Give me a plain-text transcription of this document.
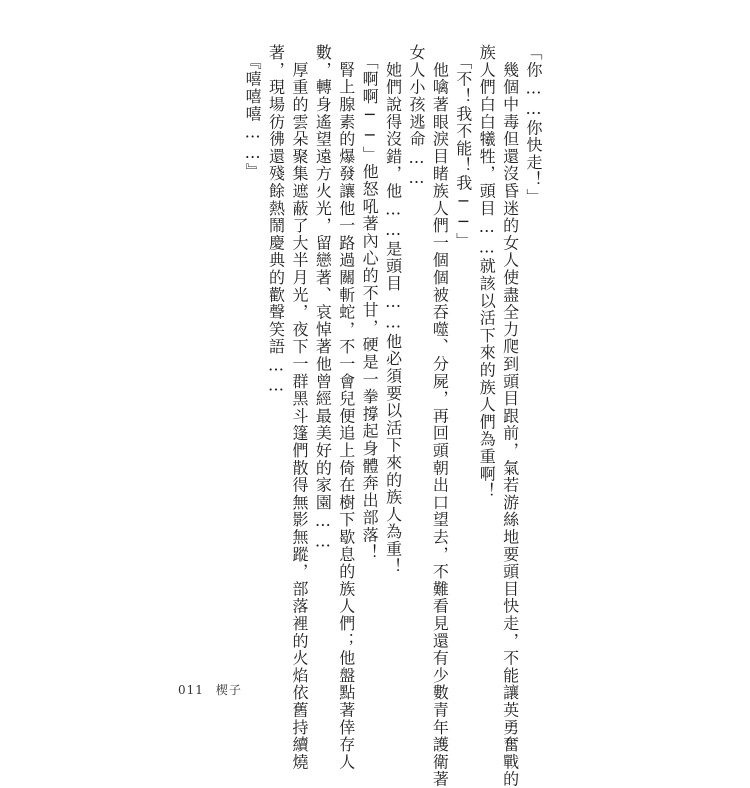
「你……你快走！」
　幾個中毒但還沒昏迷的女人使盡全力爬到頭目跟前，氣若游絲地要頭目快走，不能讓英勇奮戰的
族人們白白犧牲，頭目……就該以活下來的族人們為重啊！
　「不！我不能！我──」
　他噙著眼淚目睹族人們一個個被吞噬、分屍，再回頭朝出口望去，不難看見還有少數青年護衛著
女人小孩逃命……
　她們說得沒錯，他……是頭目……他必須要以活下來的族人為重！
　「啊啊──」他怒吼著內心的不甘，硬是一拳撐起身體奔出部落！
　腎上腺素的爆發讓他一路過關斬蛇，不一會兒便追上倚在樹下歇息的族人們；他盤點著倖存人
數，轉身遙望遠方火光，留戀著、哀悼著他曾經最美好的家園……
　厚重的雲朵聚集遮蔽了大半月光，夜下一群黑斗篷們散得無影無蹤，部落裡的火焰依舊持續燒
著，現場彷彿還殘餘熱鬧慶典的歡聲笑語……
　『嘻嘻嘻……』
011 楔子
